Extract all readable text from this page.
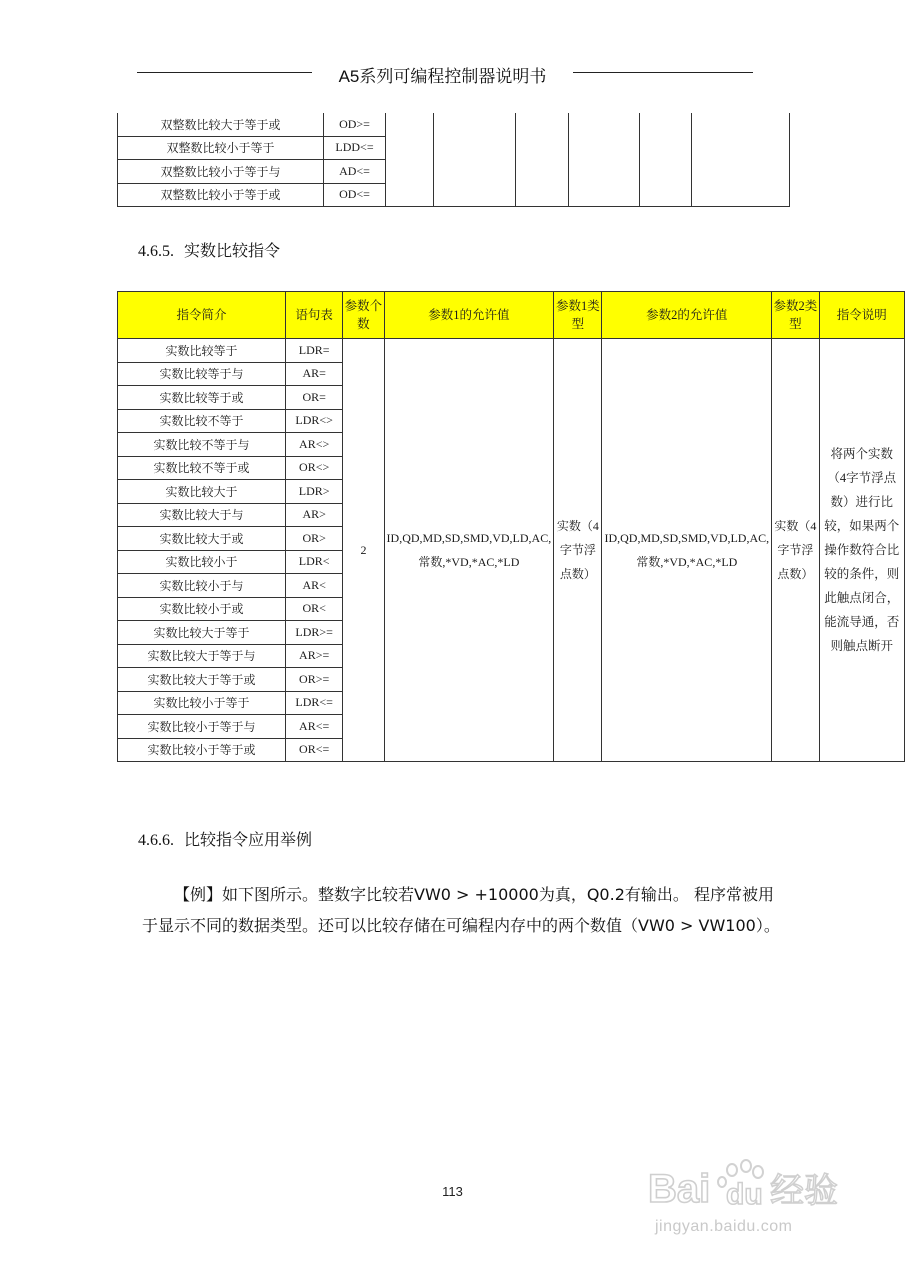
A5系列可编程控制器说明书
双整数比较大于等于或	OD>=						
双整数比较小于等于	LDD<=						
双整数比较小于等于与	AD<=						
双整数比较小于等于或	OD<=						
4.6.5. 实数比较指令
指令简介	语句表	参数个数	参数1的允许值	参数1类型	参数2的允许值	参数2类型	指令说明
实数比较等于	LDR=	2	ID,QD,MD,SD,SMD,VD,LD,AC,常数,*VD,*AC,*LD	实数（4字节浮点数）	ID,QD,MD,SD,SMD,VD,LD,AC,常数,*VD,*AC,*LD	实数（4字节浮点数）	将两个实数（4字节浮点数）进行比较，如果两个操作数符合比较的条件，则此触点闭合，能流导通，否则触点断开
实数比较等于与	AR=						
实数比较等于或	OR=						
实数比较不等于	LDR<>						
实数比较不等于与	AR<>						
实数比较不等于或	OR<>						
实数比较大于	LDR>						
实数比较大于与	AR>						
实数比较大于或	OR>						
实数比较小于	LDR<						
实数比较小于与	AR<						
实数比较小于或	OR<						
实数比较大于等于	LDR>=						
实数比较大于等于与	AR>=						
实数比较大于等于或	OR>=						
实数比较小于等于	LDR<=						
实数比较小于等于与	AR<=						
实数比较小于等于或	OR<=						
4.6.6. 比较指令应用举例
【例】如下图所示。整数字比较若VW0 > +10000为真，Q0.2有输出。 程序常被用于显示不同的数据类型。还可以比较存储在可编程内存中的两个数值（VW0 > VW100）。
113	Bai du 经验
jingyan.baidu.com
